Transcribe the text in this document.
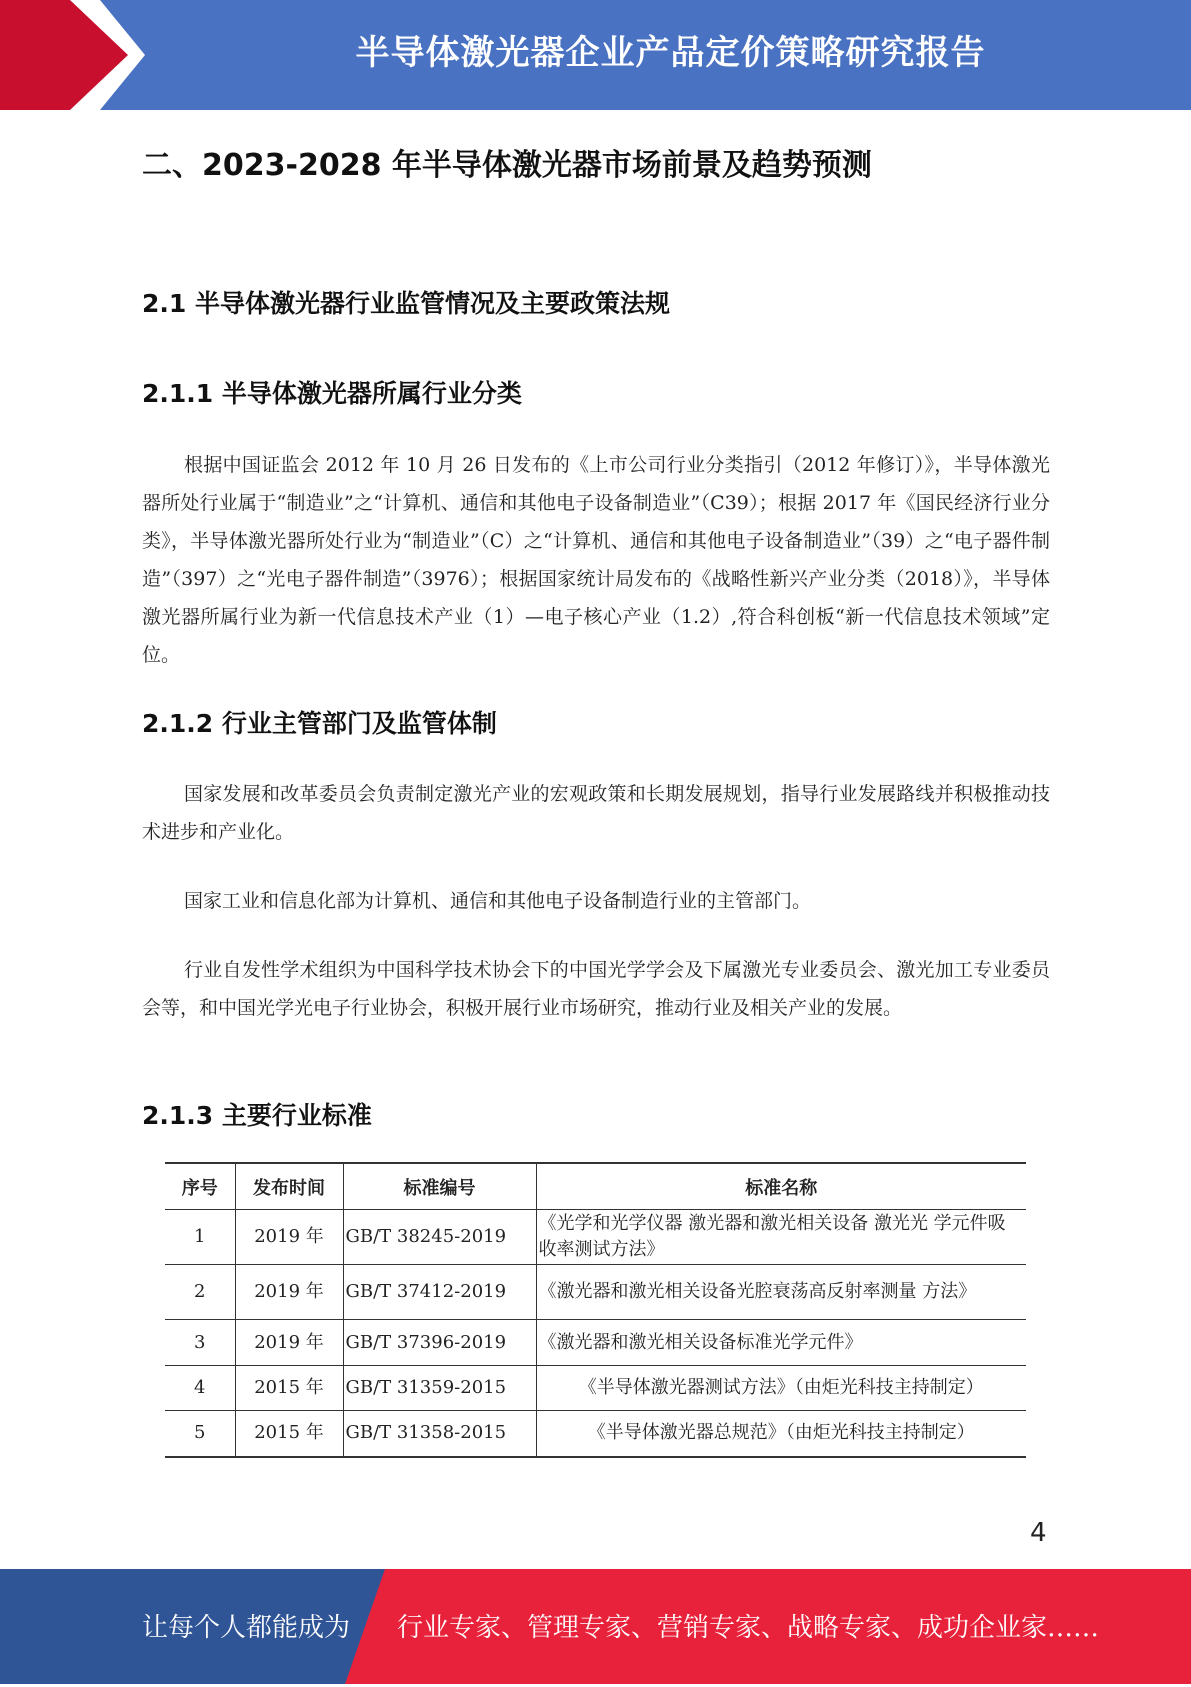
半导体激光器企业产品定价策略研究报告
二、2023-2028 年半导体激光器市场前景及趋势预测
2.1 半导体激光器行业监管情况及主要政策法规
2.1.1 半导体激光器所属行业分类

根据中国证监会 2012 年 10 月 26 日发布的《上市公司行业分类指引（2012 年修订）》，半导体激光器所处行业属于“制造业”之“计算机、通信和其他电子设备制造业”（C39）；根据 2017 年《国民经济行业分类》，半导体激光器所处行业为“制造业”（C）之“计算机、通信和其他电子设备制造业”（39）之“电子器件制造”（397）之“光电子器件制造”（3976）；根据国家统计局发布的《战略性新兴产业分类（2018）》，半导体激光器所属行业为新一代信息技术产业（1）—电子核心产业（1.2）,符合科创板“新一代信息技术领域”定位。

2.1.2 行业主管部门及监管体制

国家发展和改革委员会负责制定激光产业的宏观政策和长期发展规划，指导行业发展路线并积极推动技术进步和产业化。

国家工业和信息化部为计算机、通信和其他电子设备制造行业的主管部门。

行业自发性学术组织为中国科学技术协会下的中国光学学会及下属激光专业委员会、激光加工专业委员会等，和中国光学光电子行业协会，积极开展行业市场研究，推动行业及相关产业的发展。

2.1.3 主要行业标准
序号	发布时间	标准编号	标准名称
1	2019 年	GB/T 38245-2019	《光学和光学仪器 激光器和激光相关设备 激光光 学元件吸收率测试方法》
2	2019 年	GB/T 37412-2019	《激光器和激光相关设备光腔衰荡高反射率测量 方法》
3	2019 年	GB/T 37396-2019	《激光器和激光相关设备标准光学元件》
4	2015 年	GB/T 31359-2015	《半导体激光器测试方法》（由炬光科技主持制定）
5	2015 年	GB/T 31358-2015	《半导体激光器总规范》（由炬光科技主持制定）
4
让每个人都能成为 行业专家、管理专家、营销专家、战略专家、成功企业家……
